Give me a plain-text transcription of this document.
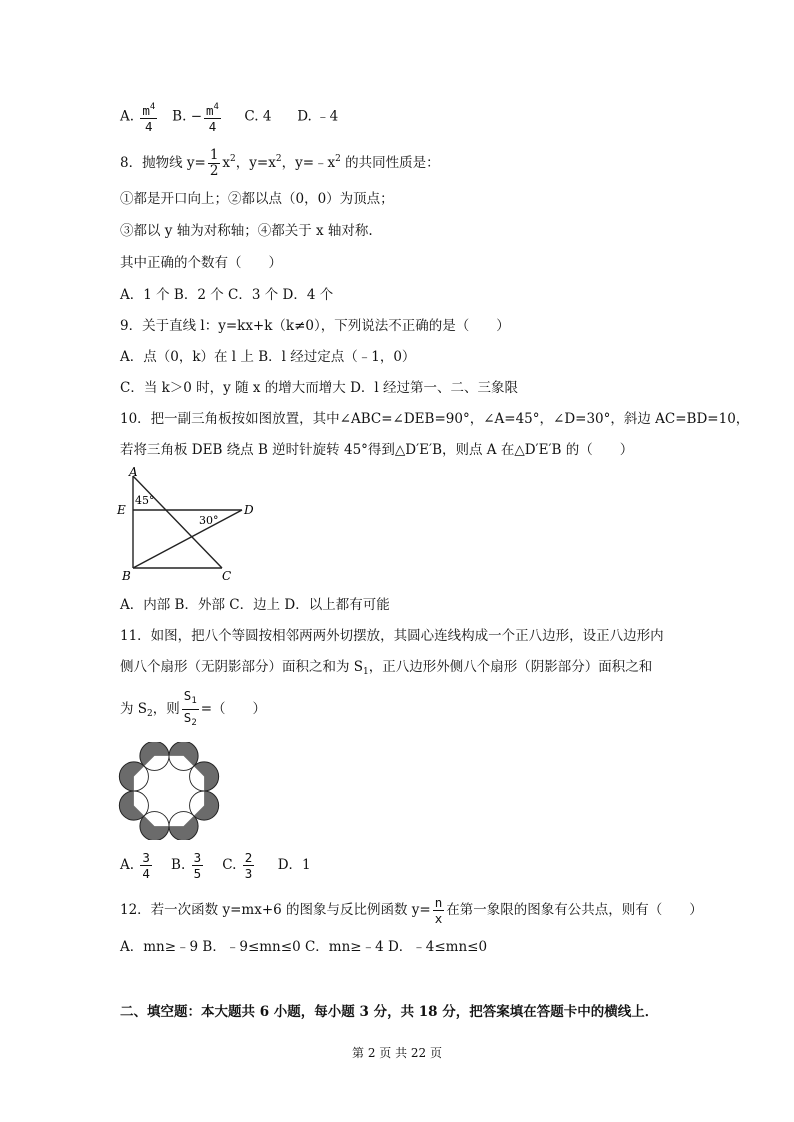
A. $\frac{m^4}{4} B$. − $\frac{m^4}{4} C$. 4 D. ﹣4
8．抛物线 $y= \frac{1}{2} x^2$，$y=x^2$，$y=﹣x^2$ 的共同性质是：
①都是开口向上；②都以点（0，0）为顶点；
③都以 y 轴为对称轴；④都关于 x 轴对称.
其中正确的个数有（　　）
A．1 个 B．2 个 C．3 个 D．4 个
9．关于直线 l：y=kx+k（k≠0），下列说法不正确的是（　　）
A．点（0，k）在 l 上 B．l 经过定点（﹣1，0）
C．当 k＞0 时，y 随 x 的增大而增大 D．l 经过第一、二、三象限
10．把一副三角板按如图放置，其中∠ABC=∠DEB=90°，∠A=45°，∠D=30°，斜边 AC=BD=10，
若将三角板 DEB 绕点 B 逆时针旋转 45°得到△D′E′B，则点 A 在△D′E′B 的（　　）
A
E	D
B	C
45°
30°
A．内部 B．外部 C．边上 D．以上都有可能
11．如图，把八个等圆按相邻两两外切摆放，其圆心连线构成一个正八边形，设正八边形内
侧八个扇形（无阴影部分）面积之和为 $S_1$，正八边形外侧八个扇形（阴影部分）面积之和
为 $S_2$，则 $\frac{S_1}{S_2}$ =（　　）
A. $\frac{3}{4} B$. $\frac{3}{5} C$. $\frac{2}{3}$ D．1
12．若一次函数 y=mx+6 的图象与反比例函数 $y= \frac{n}{x}$ 在第一象限的图象有公共点，则有（　　）
A．mn≥﹣9 B．﹣9≤mn≤0 C．mn≥﹣4 D．﹣4≤mn≤0
二、填空题：本大题共 6 小题，每小题 3 分，共 18 分，把答案填在答题卡中的横线上．
第 2 页 共 22 页
